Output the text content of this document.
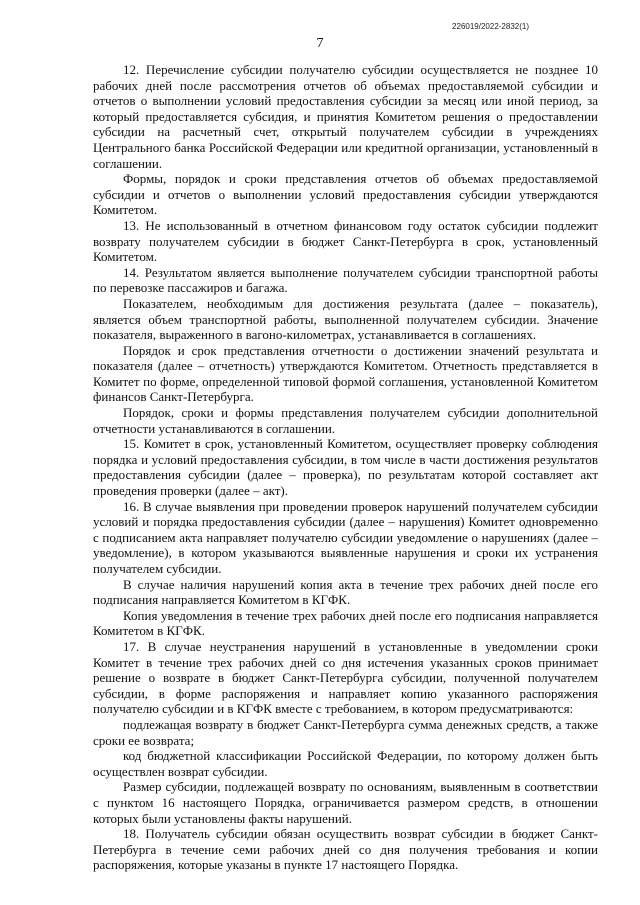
226019/2022-2832(1)
7

12. Перечисление субсидии получателю субсидии осуществляется не позднее 10 рабочих дней после рассмотрения отчетов об объемах предоставляемой субсидии и отчетов о выполнении условий предоставления субсидии за месяц или иной период, за который предоставляется субсидия, и принятия Комитетом решения о предоставлении субсидии на расчетный счет, открытый получателем субсидии в учреждениях Центрального банка Российской Федерации или кредитной организации, установленный в соглашении.

Формы, порядок и сроки представления отчетов об объемах предоставляемой субсидии и отчетов о выполнении условий предоставления субсидии утверждаются Комитетом.

13. Не использованный в отчетном финансовом году остаток субсидии подлежит возврату получателем субсидии в бюджет Санкт-Петербурга в срок, установленный Комитетом.

14. Результатом является выполнение получателем субсидии транспортной работы по перевозке пассажиров и багажа.

Показателем, необходимым для достижения результата (далее – показатель), является объем транспортной работы, выполненной получателем субсидии. Значение показателя, выраженного в вагоно-километрах, устанавливается в соглашениях.

Порядок и срок представления отчетности о достижении значений результата и показателя (далее – отчетность) утверждаются Комитетом. Отчетность представляется в Комитет по форме, определенной типовой формой соглашения, установленной Комитетом финансов Санкт-Петербурга.

Порядок, сроки и формы представления получателем субсидии дополнительной отчетности устанавливаются в соглашении.

15. Комитет в срок, установленный Комитетом, осуществляет проверку соблюдения порядка и условий предоставления субсидии, в том числе в части достижения результатов предоставления субсидии (далее – проверка), по результатам которой составляет акт проведения проверки (далее – акт).

16. В случае выявления при проведении проверок нарушений получателем субсидии условий и порядка предоставления субсидии (далее – нарушения) Комитет одновременно с подписанием акта направляет получателю субсидии уведомление о нарушениях (далее – уведомление), в котором указываются выявленные нарушения и сроки их устранения получателем субсидии.

В случае наличия нарушений копия акта в течение трех рабочих дней после его подписания направляется Комитетом в КГФК.

Копия уведомления в течение трех рабочих дней после его подписания направляется Комитетом в КГФК.

17. В случае неустранения нарушений в установленные в уведомлении сроки Комитет в течение трех рабочих дней со дня истечения указанных сроков принимает решение о возврате в бюджет Санкт-Петербурга субсидии, полученной получателем субсидии, в форме распоряжения и направляет копию указанного распоряжения получателю субсидии и в КГФК вместе с требованием, в котором предусматриваются:

подлежащая возврату в бюджет Санкт-Петербурга сумма денежных средств, а также сроки ее возврата;

код бюджетной классификации Российской Федерации, по которому должен быть осуществлен возврат субсидии.

Размер субсидии, подлежащей возврату по основаниям, выявленным в соответствии с пунктом 16 настоящего Порядка, ограничивается размером средств, в отношении которых были установлены факты нарушений.

18. Получатель субсидии обязан осуществить возврат субсидии в бюджет Санкт-Петербурга в течение семи рабочих дней со дня получения требования и копии распоряжения, которые указаны в пункте 17 настоящего Порядка.
